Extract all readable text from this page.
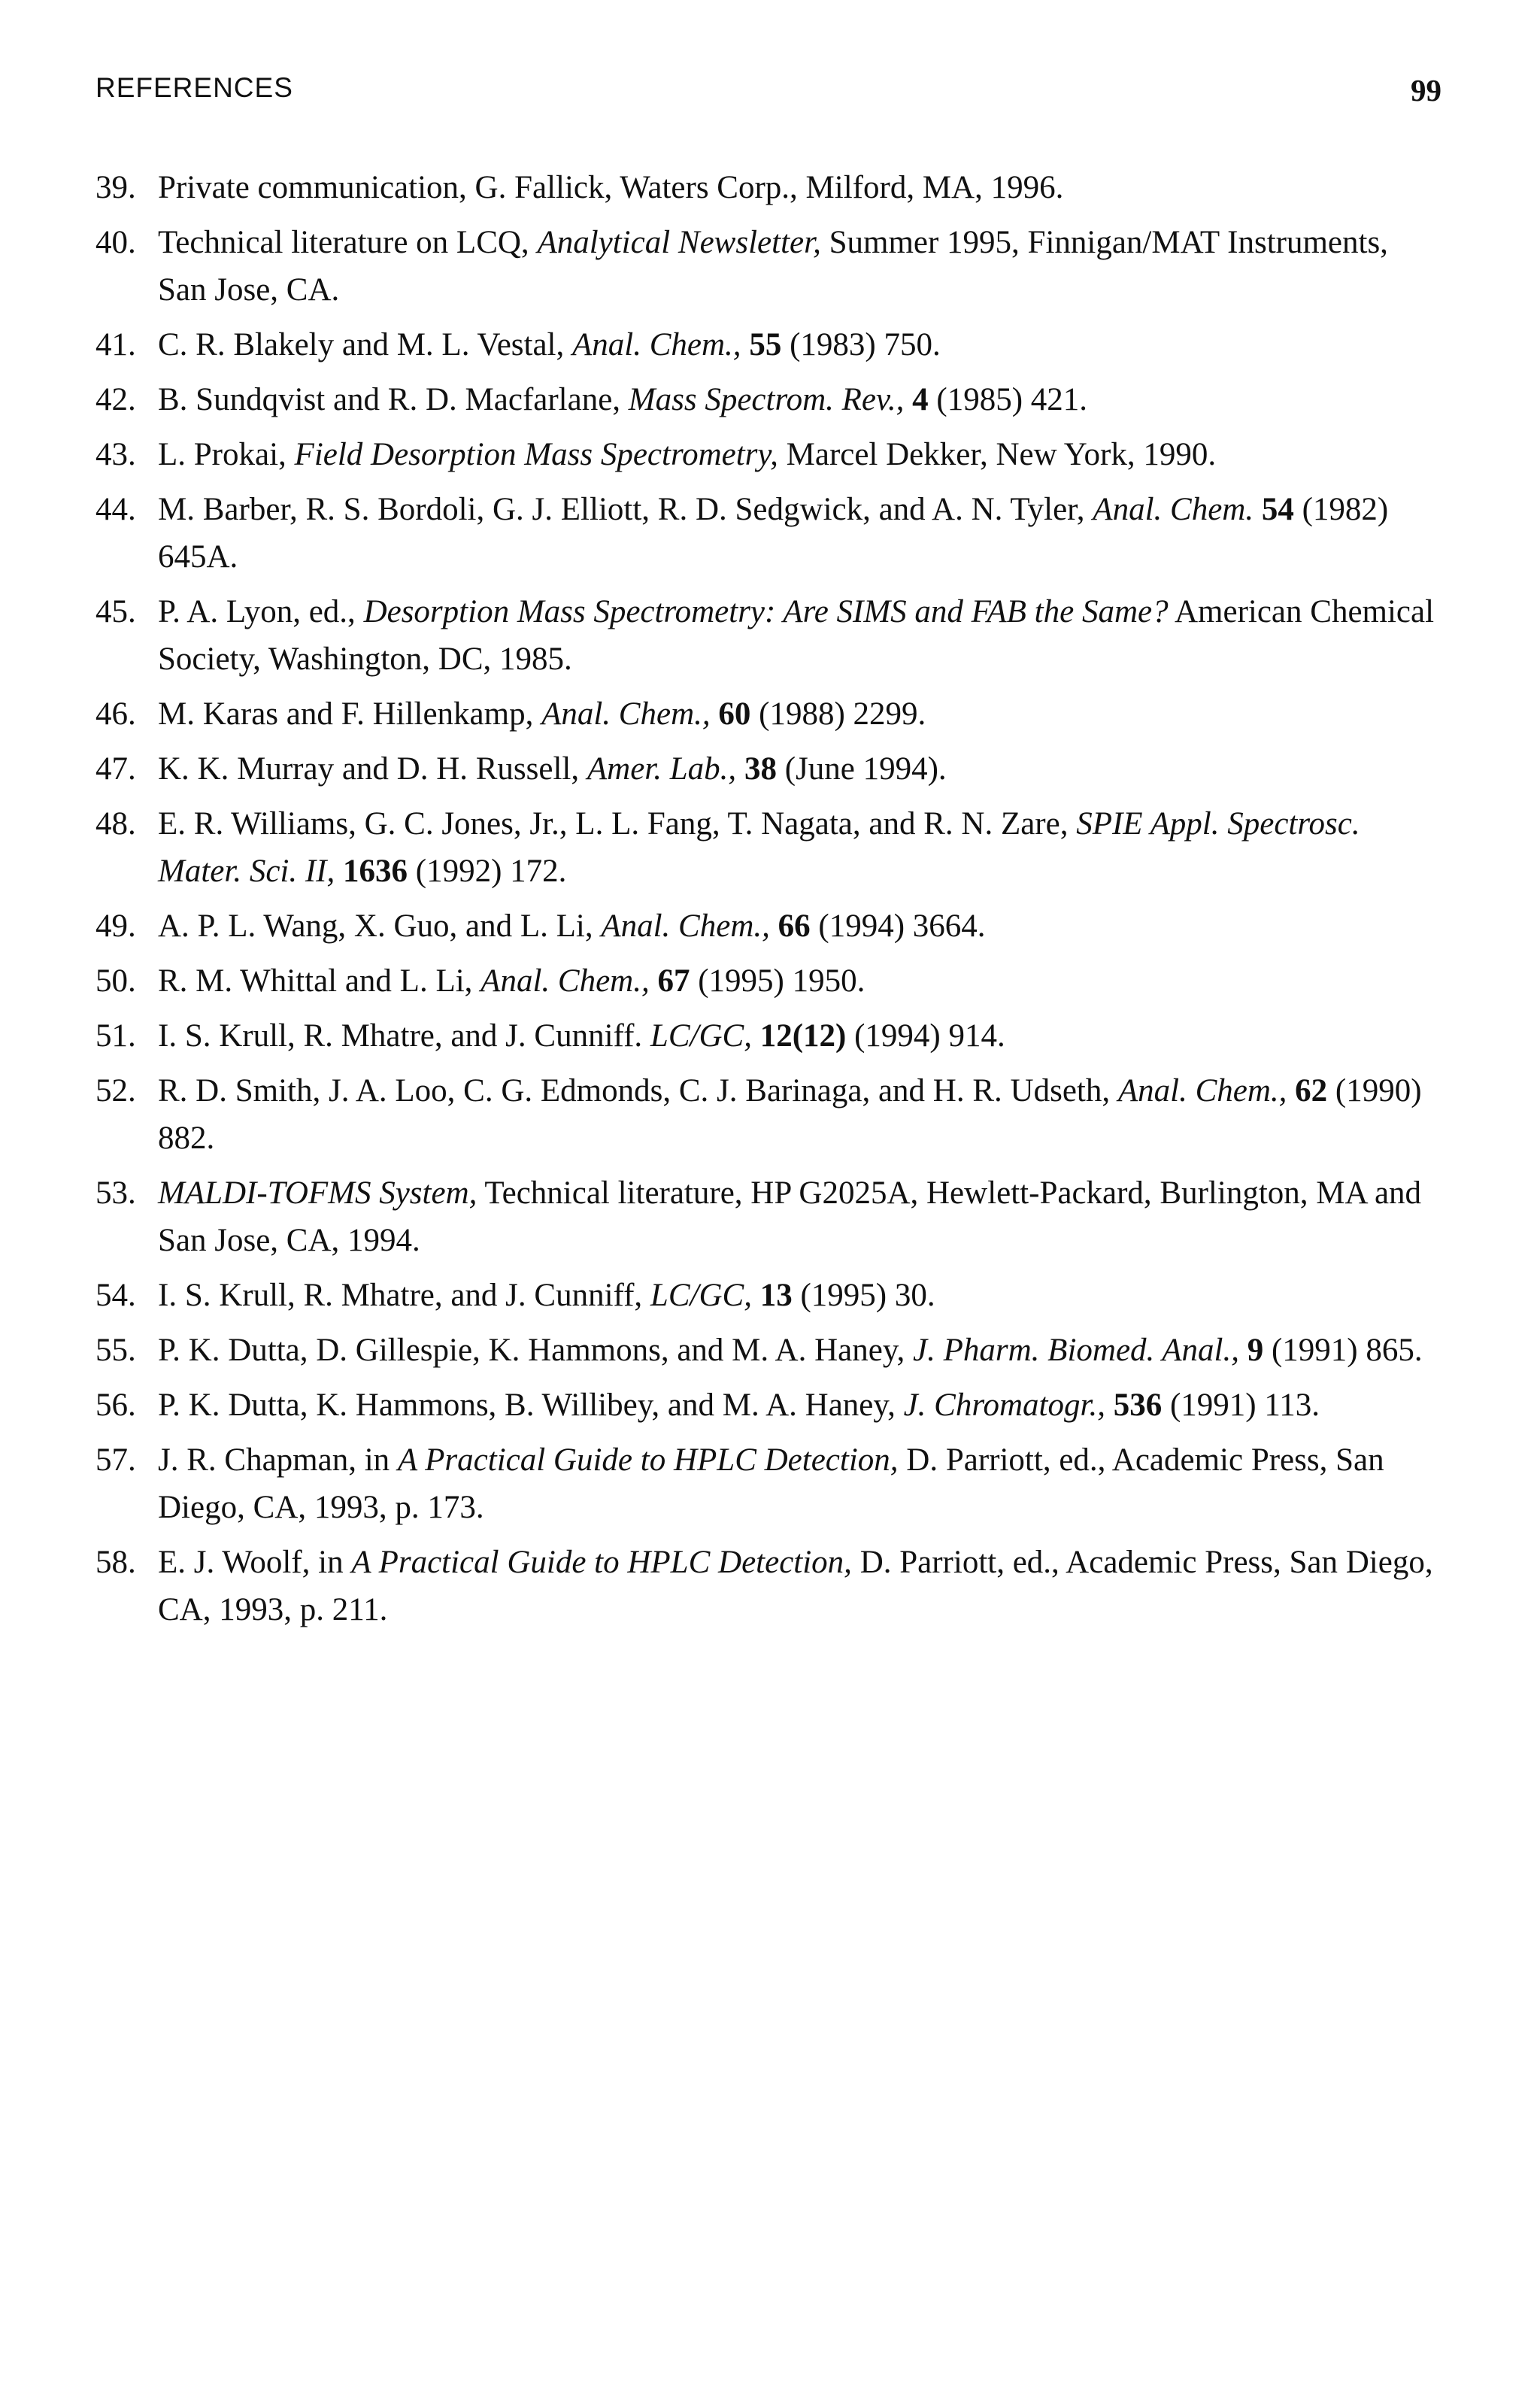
REFERENCES	99
39. Private communication, G. Fallick, Waters Corp., Milford, MA, 1996.
40. Technical literature on LCQ, Analytical Newsletter, Summer 1995, Finnigan/MAT Instruments, San Jose, CA.
41. C. R. Blakely and M. L. Vestal, Anal. Chem., 55 (1983) 750.
42. B. Sundqvist and R. D. Macfarlane, Mass Spectrom. Rev., 4 (1985) 421.
43. L. Prokai, Field Desorption Mass Spectrometry, Marcel Dekker, New York, 1990.
44. M. Barber, R. S. Bordoli, G. J. Elliott, R. D. Sedgwick, and A. N. Tyler, Anal. Chem. 54 (1982) 645A.
45. P. A. Lyon, ed., Desorption Mass Spectrometry: Are SIMS and FAB the Same? American Chemical Society, Washington, DC, 1985.
46. M. Karas and F. Hillenkamp, Anal. Chem., 60 (1988) 2299.
47. K. K. Murray and D. H. Russell, Amer. Lab., 38 (June 1994).
48. E. R. Williams, G. C. Jones, Jr., L. L. Fang, T. Nagata, and R. N. Zare, SPIE Appl. Spectrosc. Mater. Sci. II, 1636 (1992) 172.
49. A. P. L. Wang, X. Guo, and L. Li, Anal. Chem., 66 (1994) 3664.
50. R. M. Whittal and L. Li, Anal. Chem., 67 (1995) 1950.
51. I. S. Krull, R. Mhatre, and J. Cunniff. LC/GC, 12(12) (1994) 914.
52. R. D. Smith, J. A. Loo, C. G. Edmonds, C. J. Barinaga, and H. R. Udseth, Anal. Chem., 62 (1990) 882.
53. MALDI-TOFMS System, Technical literature, HP G2025A, Hewlett-Packard, Burlington, MA and San Jose, CA, 1994.
54. I. S. Krull, R. Mhatre, and J. Cunniff, LC/GC, 13 (1995) 30.
55. P. K. Dutta, D. Gillespie, K. Hammons, and M. A. Haney, J. Pharm. Biomed. Anal., 9 (1991) 865.
56. P. K. Dutta, K. Hammons, B. Willibey, and M. A. Haney, J. Chromatogr., 536 (1991) 113.
57. J. R. Chapman, in A Practical Guide to HPLC Detection, D. Parriott, ed., Academic Press, San Diego, CA, 1993, p. 173.
58. E. J. Woolf, in A Practical Guide to HPLC Detection, D. Parriott, ed., Academic Press, San Diego, CA, 1993, p. 211.
